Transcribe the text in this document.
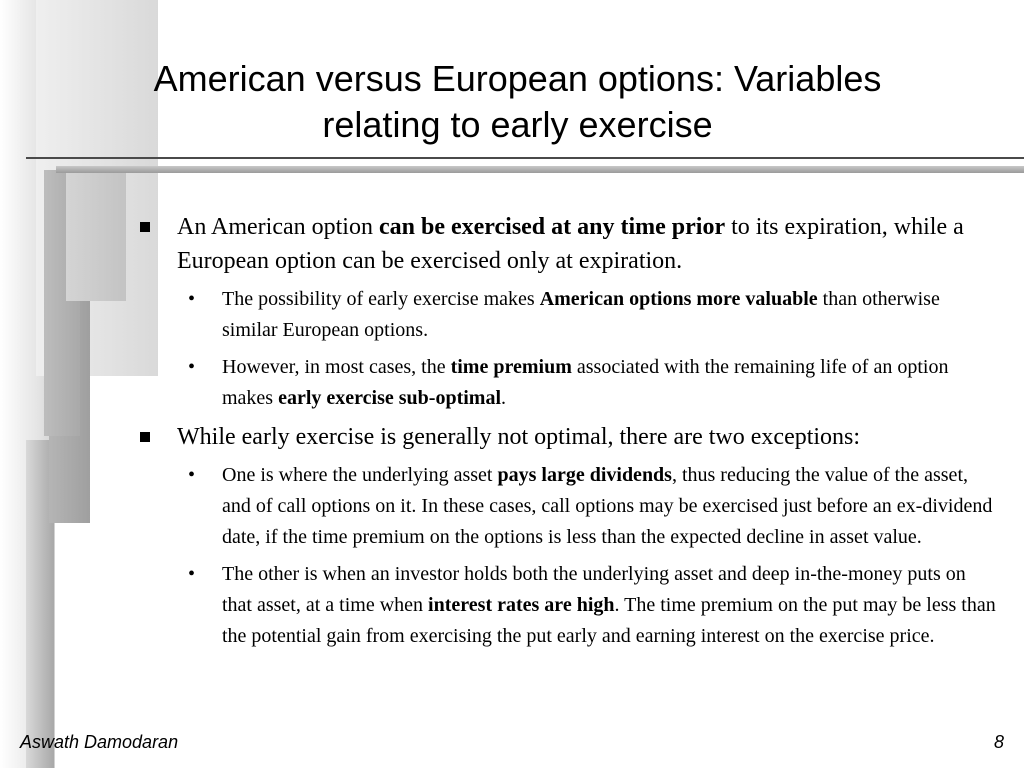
American versus European options: Variables
relating to early exercise
An American option can be exercised at any time prior to its expiration, while a European option can be exercised only at expiration.
• The possibility of early exercise makes American options more valuable than otherwise similar European options.
• However, in most cases, the time premium associated with the remaining life of an option makes early exercise sub-optimal.
While early exercise is generally not optimal, there are two exceptions:
• One is where the underlying asset pays large dividends, thus reducing the value of the asset, and of call options on it. In these cases, call options may be exercised just before an ex-dividend date, if the time premium on the options is less than the expected decline in asset value.
• The other is when an investor holds both the underlying asset and deep in-the-money puts on that asset, at a time when interest rates are high. The time premium on the put may be less than the potential gain from exercising the put early and earning interest on the exercise price.
Aswath Damodaran	8
